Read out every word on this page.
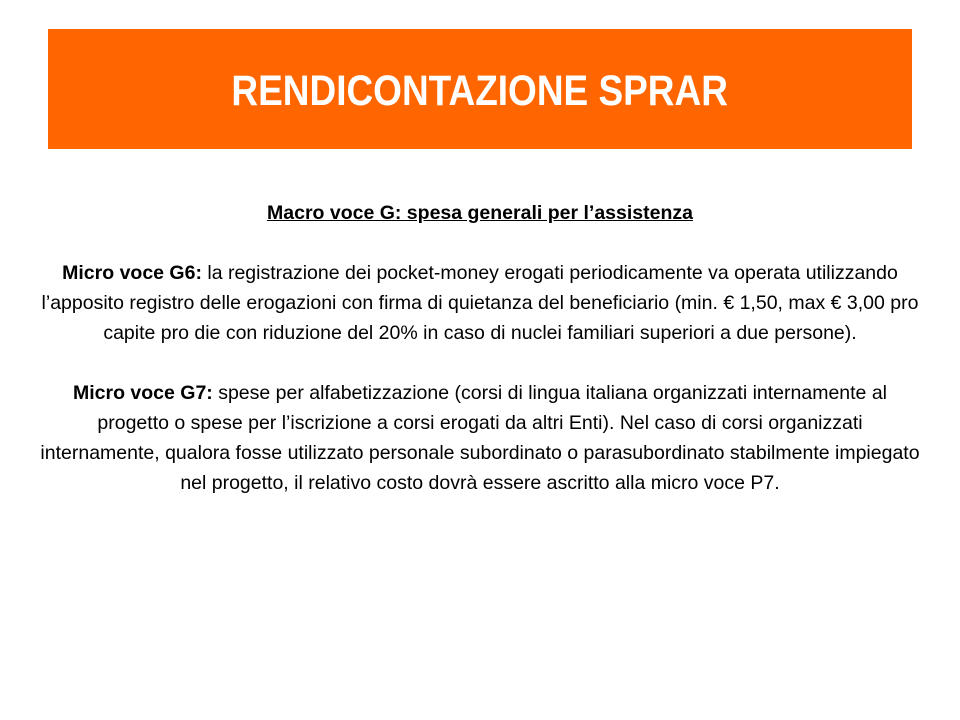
RENDICONTAZIONE SPRAR

Macro voce G: spesa generali per l’assistenza

Micro voce G6: la registrazione dei pocket-money erogati periodicamente va operata utilizzando l’apposito registro delle erogazioni con firma di quietanza del beneficiario (min. € 1,50, max € 3,00 pro capite pro die con riduzione del 20% in caso di nuclei familiari superiori a due persone).

Micro voce G7: spese per alfabetizzazione (corsi di lingua italiana organizzati internamente al progetto o spese per l’iscrizione a corsi erogati da altri Enti). Nel caso di corsi organizzati internamente, qualora fosse utilizzato personale subordinato o parasubordinato stabilmente impiegato nel progetto, il relativo costo dovrà essere ascritto alla micro voce P7.
